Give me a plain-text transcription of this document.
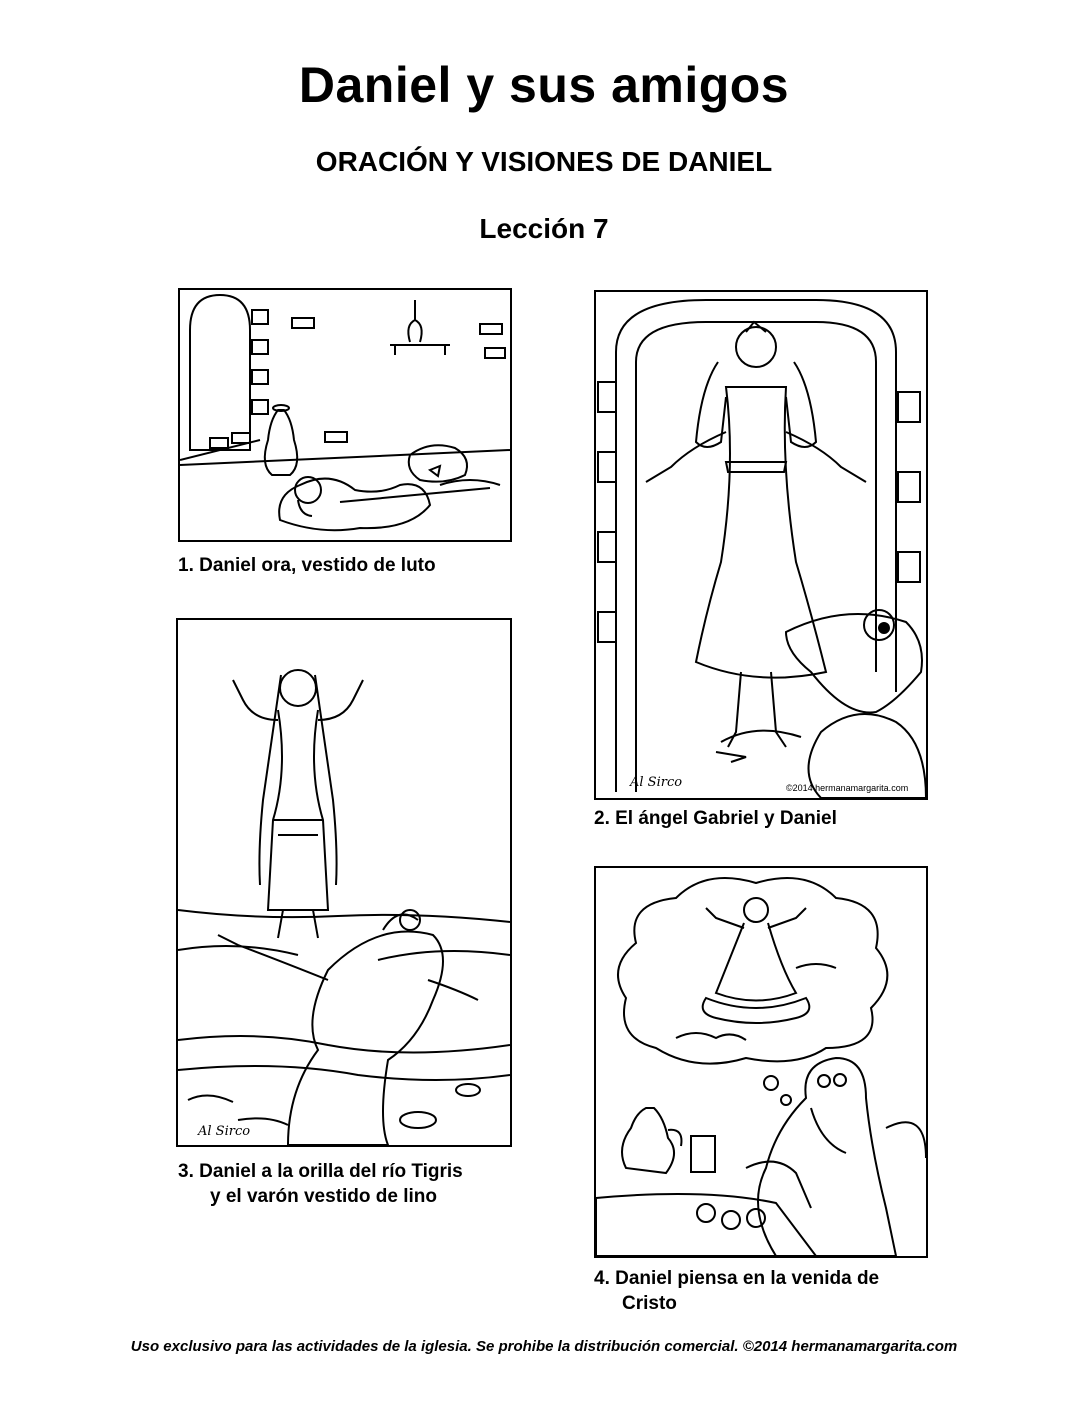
Daniel y sus amigos
ORACIÓN Y VISIONES DE DANIEL
Lección 7
1. Daniel ora, vestido de luto
Al Sirco	©2014 hermanamargarita.com
2. El ángel Gabriel y Daniel
Al Sirco
3. Daniel a la orilla del río Tigris
y el varón vestido de lino
4. Daniel piensa en la venida de
Cristo
Uso exclusivo para las actividades de la iglesia. Se prohibe la distribución comercial. ©2014 hermanamargarita.com
